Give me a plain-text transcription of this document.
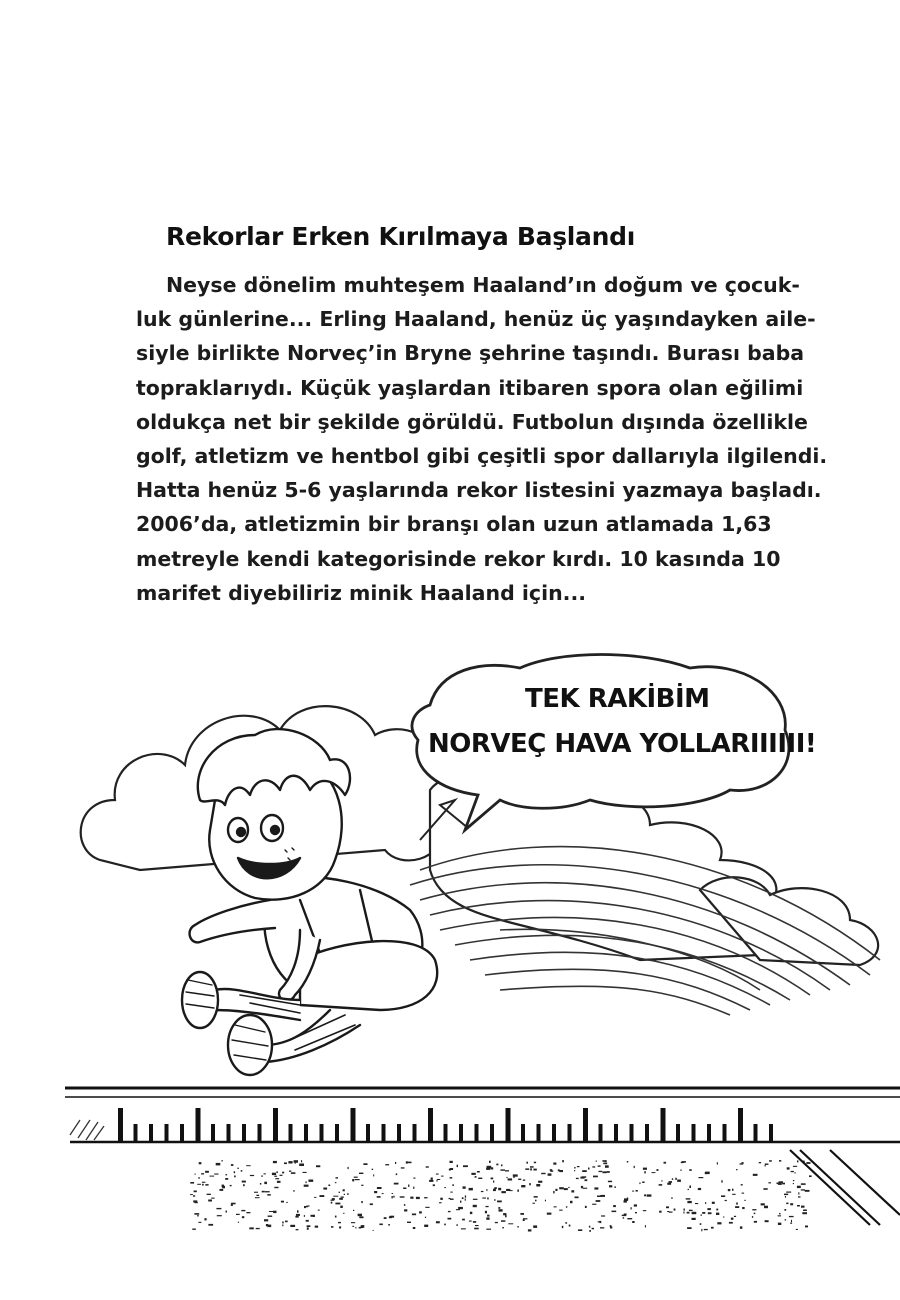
Rekorlar Erken Kırılmaya Başlandı
Neyse dönelim muhteşem Haaland’ın doğum ve çocuk-
luk günlerine... Erling Haaland, henüz üç yaşındayken aile-
siyle birlikte Norveç’in Bryne şehrine taşındı. Burası baba
topraklarıydı. Küçük yaşlardan itibaren spora olan eğilimi
oldukça net bir şekilde görüldü. Futbolun dışında özellikle
golf, atletizm ve hentbol gibi çeşitli spor dallarıyla ilgilendi.
Hatta henüz 5-6 yaşlarında rekor listesini yazmaya başladı.
2006’da, atletizmin bir branşı olan uzun atlamada 1,63
metreyle kendi kategorisinde rekor kırdı. 10 kasında 10
marifet diyebiliriz minik Haaland için...
TEK RAKİBİM
NORVEÇ HAVA YOLLARIIIIII!
